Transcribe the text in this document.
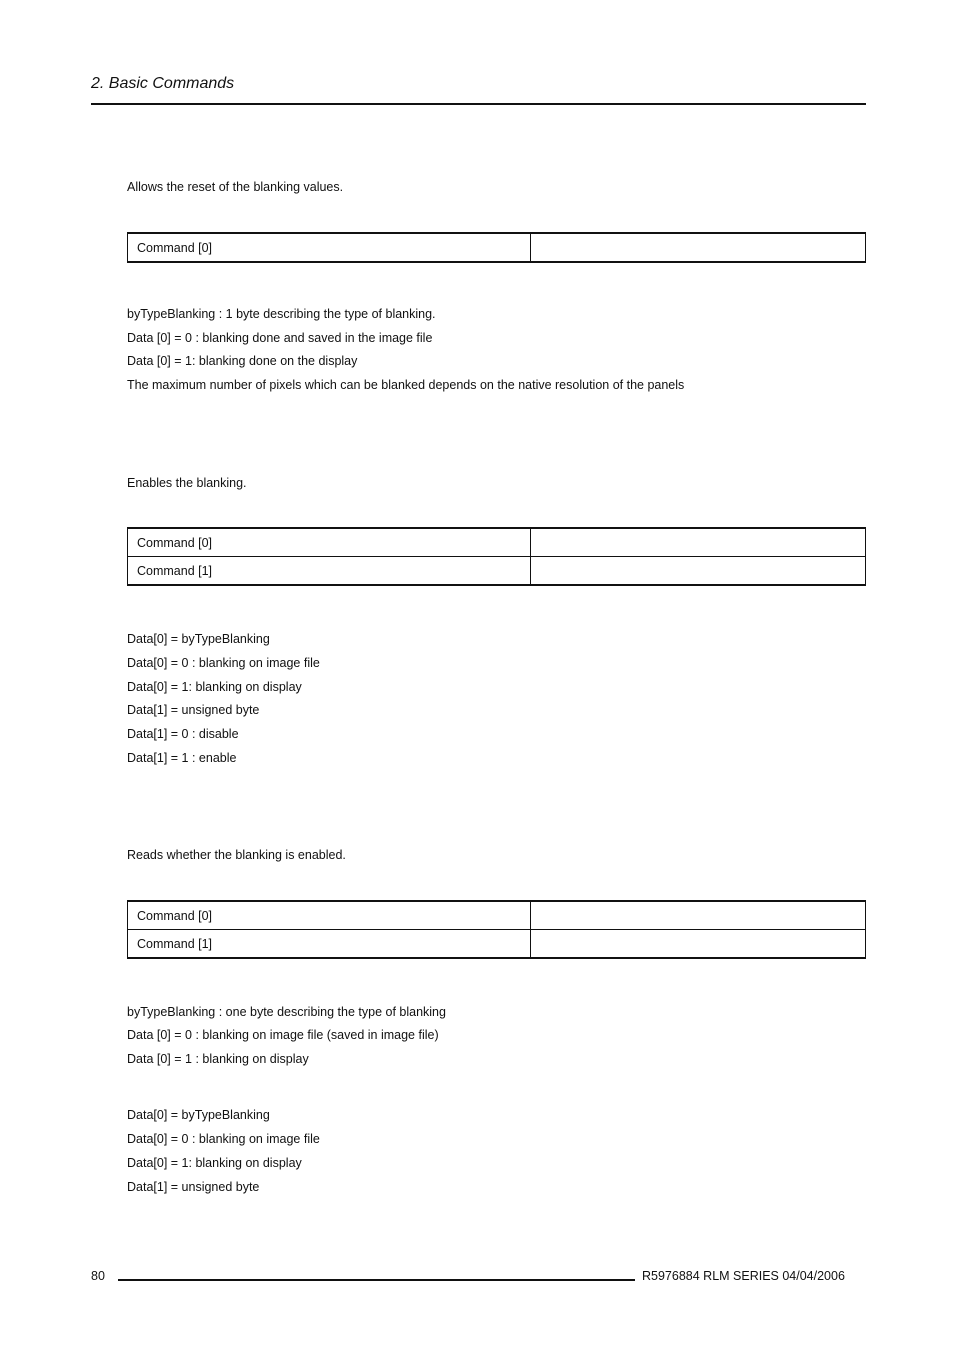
2. Basic Commands
Allows the reset of the blanking values.
Command [0]	
byTypeBlanking : 1 byte describing the type of blanking.
Data [0] = 0 : blanking done and saved in the image file
Data [0] = 1: blanking done on the display
The maximum number of pixels which can be blanked depends on the native resolution of the panels
Enables the blanking.
Command [0]	
Command [1]	
Data[0] = byTypeBlanking
Data[0] = 0 : blanking on image file
Data[0] = 1: blanking on display
Data[1] = unsigned byte
Data[1] = 0 : disable
Data[1] = 1 : enable
Reads whether the blanking is enabled.
Command [0]	
Command [1]	
byTypeBlanking : one byte describing the type of blanking
Data [0] = 0 : blanking on image file (saved in image file)
Data [0] = 1 : blanking on display
Data[0] = byTypeBlanking
Data[0] = 0 : blanking on image file
Data[0] = 1: blanking on display
Data[1] = unsigned byte
80	R5976884 RLM SERIES 04/04/2006
